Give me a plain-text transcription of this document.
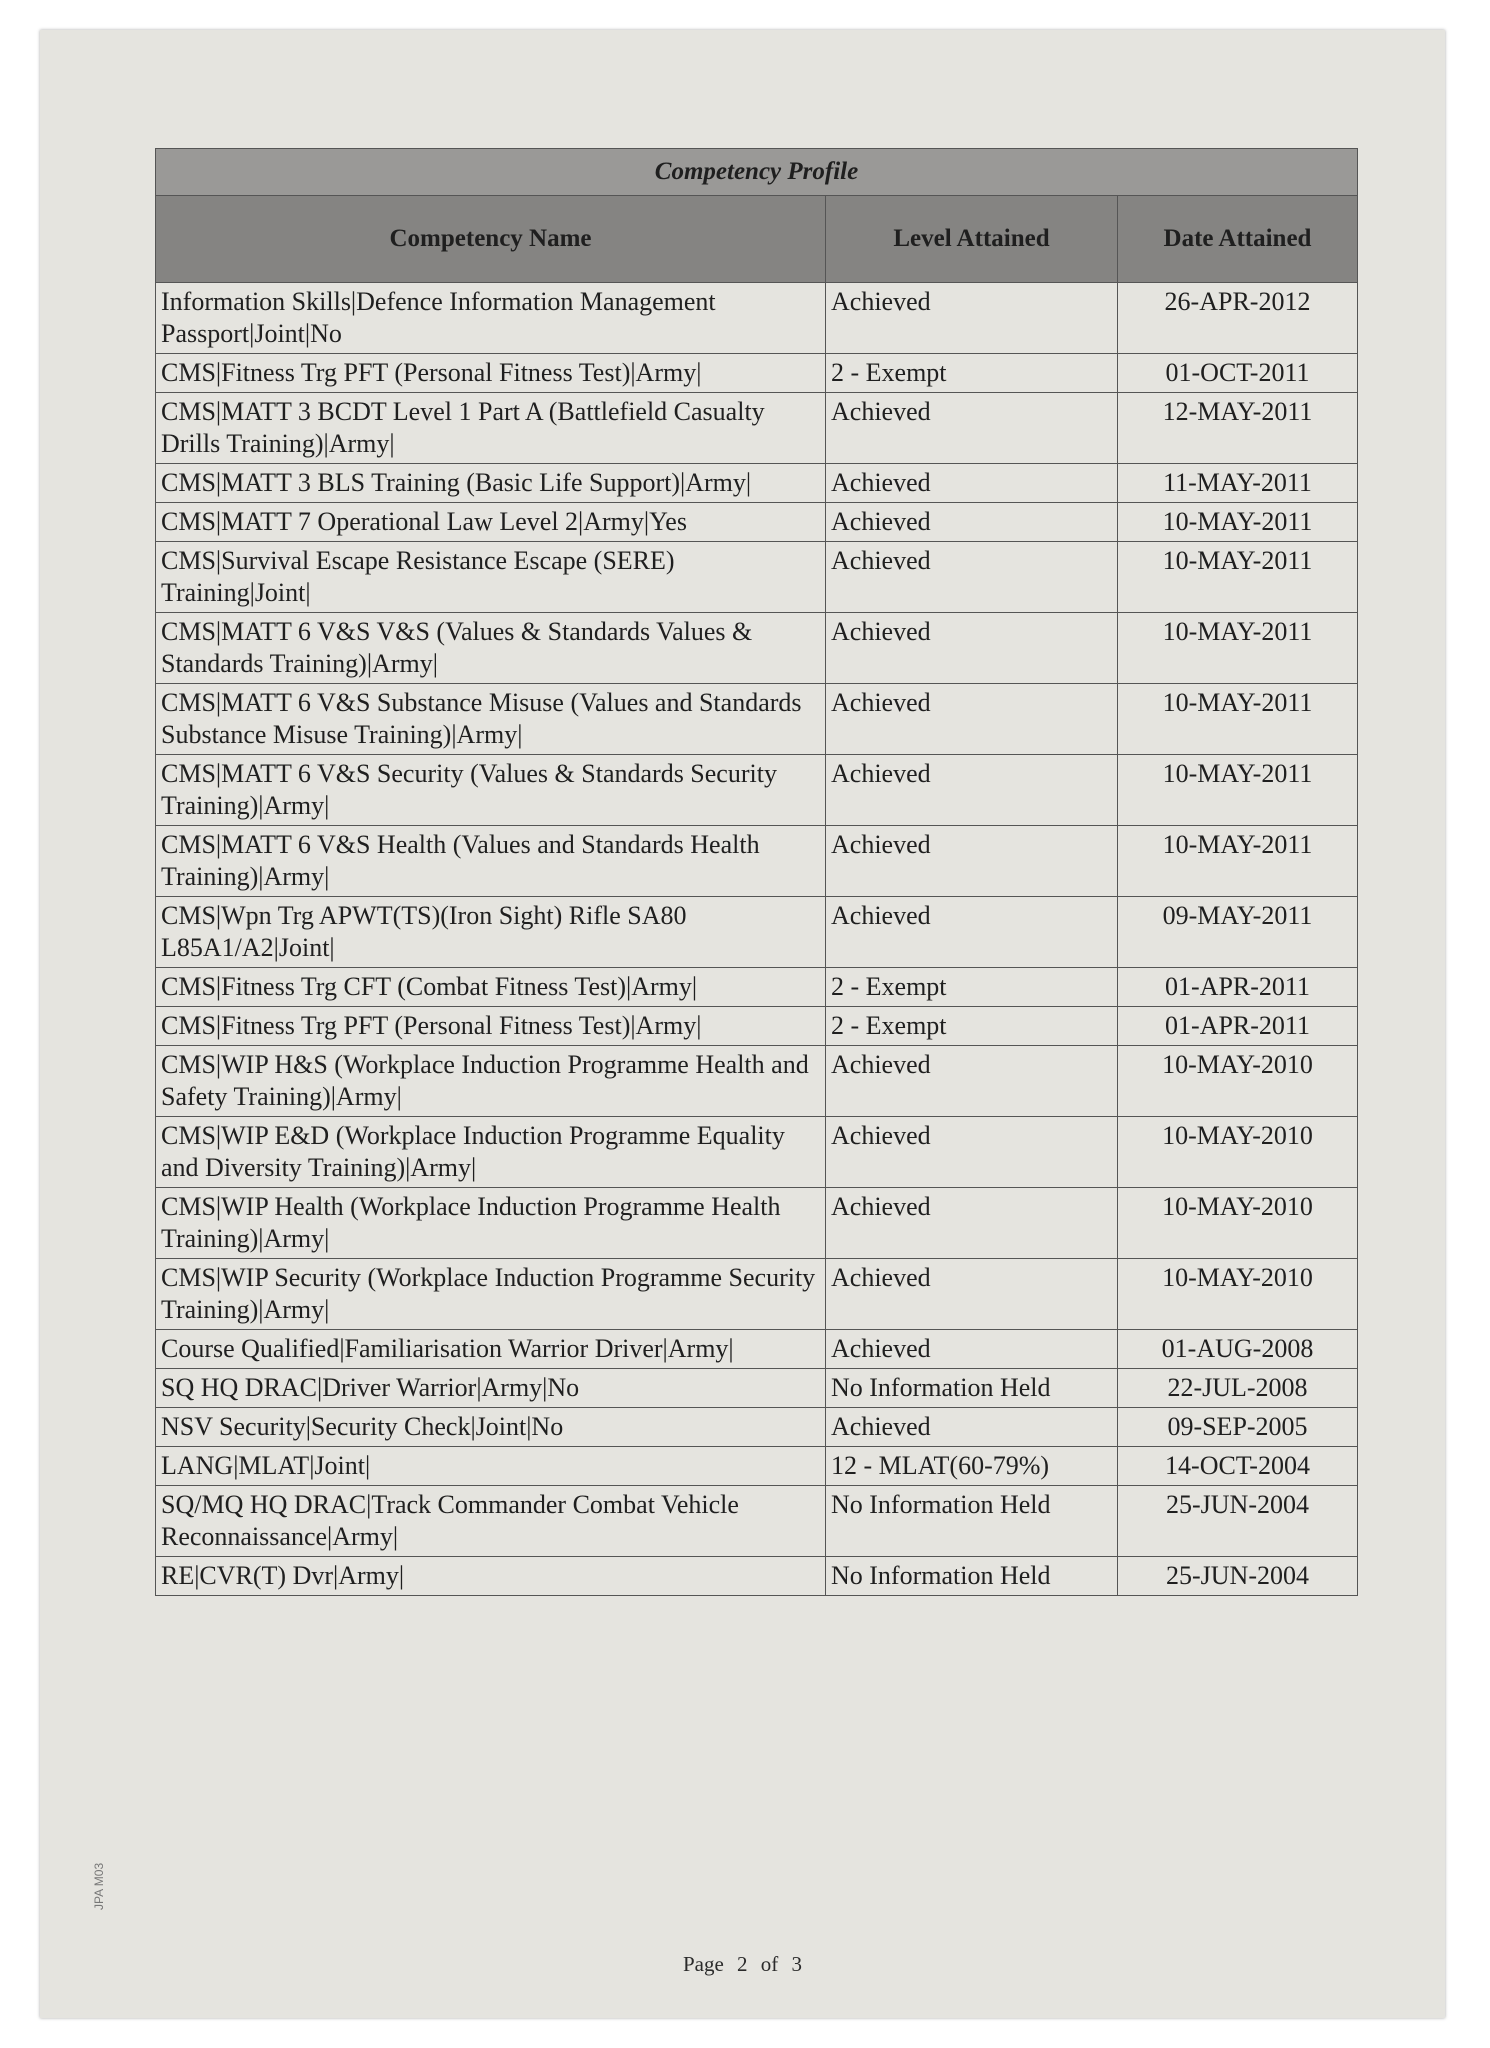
Competency Profile		
Competency Name	Level Attained	Date Attained
Information Skills|Defence Information Management Passport|Joint|No	Achieved	26-APR-2012
CMS|Fitness Trg PFT (Personal Fitness Test)|Army|	2 - Exempt	01-OCT-2011
CMS|MATT 3 BCDT Level 1 Part A (Battlefield Casualty Drills Training)|Army|	Achieved	12-MAY-2011
CMS|MATT 3 BLS Training (Basic Life Support)|Army|	Achieved	11-MAY-2011
CMS|MATT 7 Operational Law Level 2|Army|Yes	Achieved	10-MAY-2011
CMS|Survival Escape Resistance Escape (SERE) Training|Joint|	Achieved	10-MAY-2011
CMS|MATT 6 V&S V&S (Values & Standards Values & Standards Training)|Army|	Achieved	10-MAY-2011
CMS|MATT 6 V&S Substance Misuse (Values and Standards Substance Misuse Training)|Army|	Achieved	10-MAY-2011
CMS|MATT 6 V&S Security (Values & Standards Security Training)|Army|	Achieved	10-MAY-2011
CMS|MATT 6 V&S Health (Values and Standards Health Training)|Army|	Achieved	10-MAY-2011
CMS|Wpn Trg APWT(TS)(Iron Sight) Rifle SA80 L85A1/A2|Joint|	Achieved	09-MAY-2011
CMS|Fitness Trg CFT (Combat Fitness Test)|Army|	2 - Exempt	01-APR-2011
CMS|Fitness Trg PFT (Personal Fitness Test)|Army|	2 - Exempt	01-APR-2011
CMS|WIP H&S (Workplace Induction Programme Health and Safety Training)|Army|	Achieved	10-MAY-2010
CMS|WIP E&D (Workplace Induction Programme Equality and Diversity Training)|Army|	Achieved	10-MAY-2010
CMS|WIP Health (Workplace Induction Programme Health Training)|Army|	Achieved	10-MAY-2010
CMS|WIP Security (Workplace Induction Programme Security Training)|Army|	Achieved	10-MAY-2010
Course Qualified|Familiarisation Warrior Driver|Army|	Achieved	01-AUG-2008
SQ HQ DRAC|Driver Warrior|Army|No	No Information Held	22-JUL-2008
NSV Security|Security Check|Joint|No	Achieved	09-SEP-2005
LANG|MLAT|Joint|	12 - MLAT(60-79%)	14-OCT-2004
SQ/MQ HQ DRAC|Track Commander Combat Vehicle Reconnaissance|Army|	No Information Held	25-JUN-2004
RE|CVR(T) Dvr|Army|	No Information Held	25-JUN-2004
JPA M03
Page 2 of 3
